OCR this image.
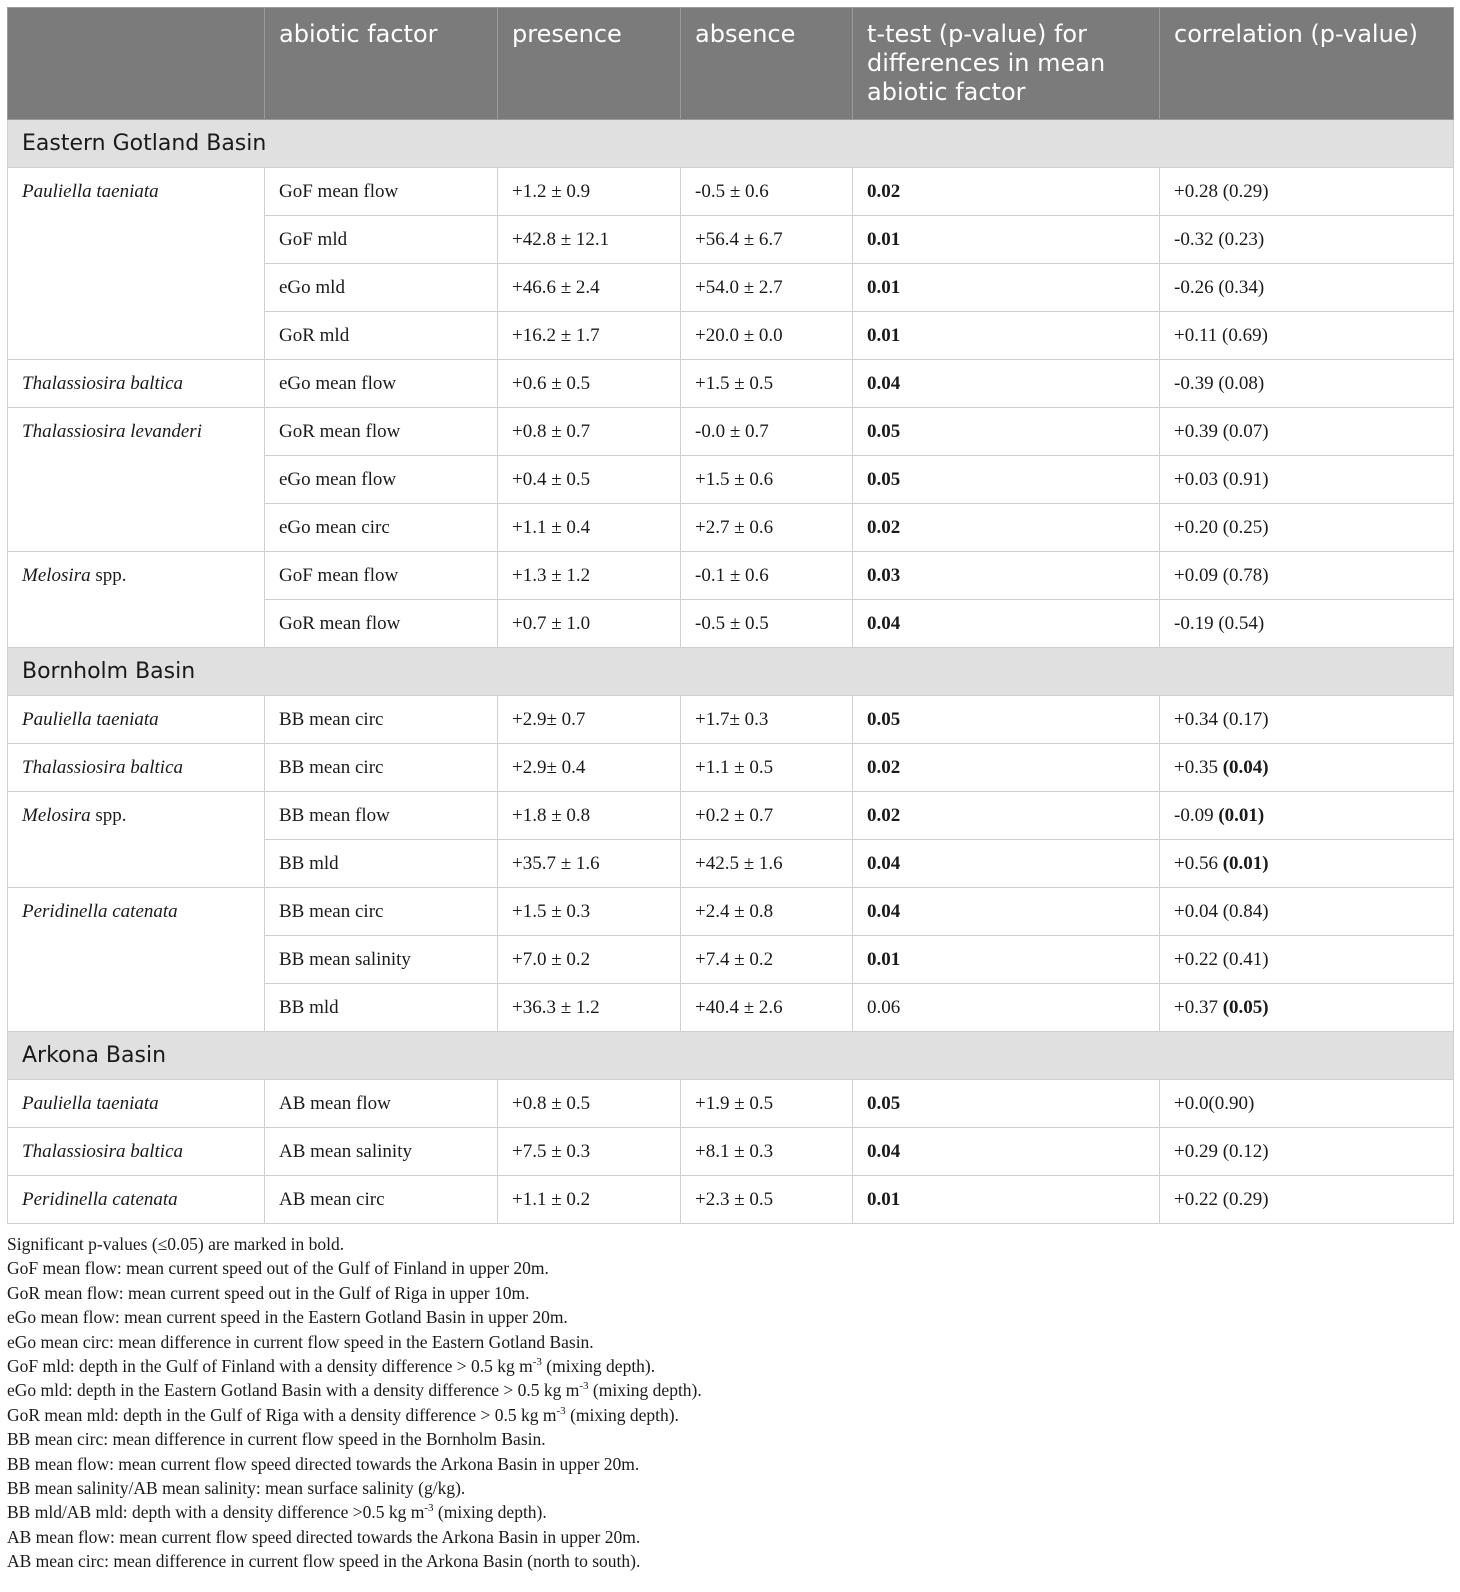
	abiotic factor	presence	absence	t-test (p-value) for differences in mean abiotic factor	correlation (p-value)
Eastern Gotland Basin					
Pauliella taeniata	GoF mean flow	+1.2 ± 0.9	-0.5 ± 0.6	0.02	+0.28 (0.29)
	GoF mld	+42.8 ± 12.1	+56.4 ± 6.7	0.01	-0.32 (0.23)
	eGo mld	+46.6 ± 2.4	+54.0 ± 2.7	0.01	-0.26 (0.34)
	GoR mld	+16.2 ± 1.7	+20.0 ± 0.0	0.01	+0.11 (0.69)
Thalassiosira baltica	eGo mean flow	+0.6 ± 0.5	+1.5 ± 0.5	0.04	-0.39 (0.08)
Thalassiosira levanderi	GoR mean flow	+0.8 ± 0.7	-0.0 ± 0.7	0.05	+0.39 (0.07)
	eGo mean flow	+0.4 ± 0.5	+1.5 ± 0.6	0.05	+0.03 (0.91)
	eGo mean circ	+1.1 ± 0.4	+2.7 ± 0.6	0.02	+0.20 (0.25)
Melosira spp.	GoF mean flow	+1.3 ± 1.2	-0.1 ± 0.6	0.03	+0.09 (0.78)
	GoR mean flow	+0.7 ± 1.0	-0.5 ± 0.5	0.04	-0.19 (0.54)
Bornholm Basin					
Pauliella taeniata	BB mean circ	+2.9± 0.7	+1.7± 0.3	0.05	+0.34 (0.17)
Thalassiosira baltica	BB mean circ	+2.9± 0.4	+1.1 ± 0.5	0.02	+0.35 (0.04)
Melosira spp.	BB mean flow	+1.8 ± 0.8	+0.2 ± 0.7	0.02	-0.09 (0.01)
	BB mld	+35.7 ± 1.6	+42.5 ± 1.6	0.04	+0.56 (0.01)
Peridinella catenata	BB mean circ	+1.5 ± 0.3	+2.4 ± 0.8	0.04	+0.04 (0.84)
	BB mean salinity	+7.0 ± 0.2	+7.4 ± 0.2	0.01	+0.22 (0.41)
	BB mld	+36.3 ± 1.2	+40.4 ± 2.6	0.06	+0.37 (0.05)
Arkona Basin					
Pauliella taeniata	AB mean flow	+0.8 ± 0.5	+1.9 ± 0.5	0.05	+0.0(0.90)
Thalassiosira baltica	AB mean salinity	+7.5 ± 0.3	+8.1 ± 0.3	0.04	+0.29 (0.12)
Peridinella catenata	AB mean circ	+1.1 ± 0.2	+2.3 ± 0.5	0.01	+0.22 (0.29)
Significant p-values (≤0.05) are marked in bold.
GoF mean flow: mean current speed out of the Gulf of Finland in upper 20m.
GoR mean flow: mean current speed out in the Gulf of Riga in upper 10m.
eGo mean flow: mean current speed in the Eastern Gotland Basin in upper 20m.
eGo mean circ: mean difference in current flow speed in the Eastern Gotland Basin.
GoF mld: depth in the Gulf of Finland with a density difference > 0.5 kg $m^{-3}$ (mixing depth).
eGo mld: depth in the Eastern Gotland Basin with a density difference > 0.5 kg $m^{-3}$ (mixing depth).
GoR mean mld: depth in the Gulf of Riga with a density difference > 0.5 kg $m^{-3}$ (mixing depth).
BB mean circ: mean difference in current flow speed in the Bornholm Basin.
BB mean flow: mean current flow speed directed towards the Arkona Basin in upper 20m.
BB mean salinity/AB mean salinity: mean surface salinity (g/kg).
BB mld/AB mld: depth with a density difference >0.5 kg $m^{-3}$ (mixing depth).
AB mean flow: mean current flow speed directed towards the Arkona Basin in upper 20m.
AB mean circ: mean difference in current flow speed in the Arkona Basin (north to south).
